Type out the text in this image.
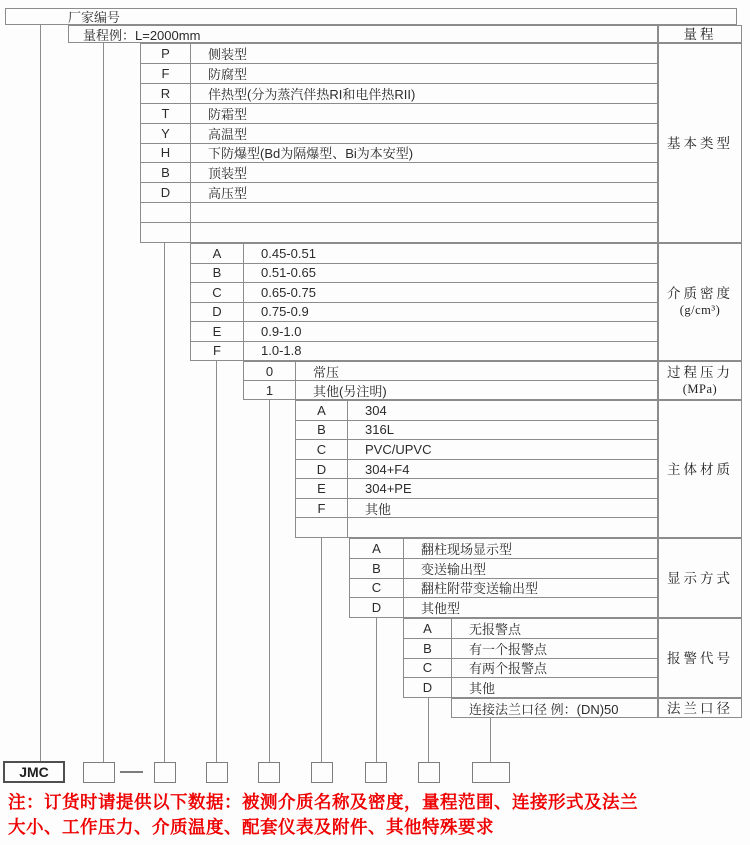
厂家编号
量程例：L=2000mm	量程
基本类型
介质密度
(g/cm³)
过程压力
(MPa)
主体材质
显示方式
报警代号
法兰口径
P	侧装型
F	防腐型
R	伴热型(分为蒸汽伴热RI和电伴热RII)
T	防霜型
Y	高温型
H	下防爆型(Bd为隔爆型、Bi为本安型)
B	顶装型
D	高压型
A	0.45-0.51
B	0.51-0.65
C	0.65-0.75
D	0.75-0.9
E	0.9-1.0
F	1.0-1.8
0	常压
1	其他(另注明)
A	304
B	316L
C	PVC/UPVC
D	304+F4
E	304+PE
F	其他
A	翻柱现场显示型
B	变送输出型
C	翻柱附带变送输出型
D	其他型
A	无报警点
B	有一个报警点
C	有两个报警点
D	其他
连接法兰口径 例：(DN)50
JMC
注：订货时请提供以下数据：被测介质名称及密度，量程范围、连接形式及法兰
大小、工作压力、介质温度、配套仪表及附件、其他特殊要求
